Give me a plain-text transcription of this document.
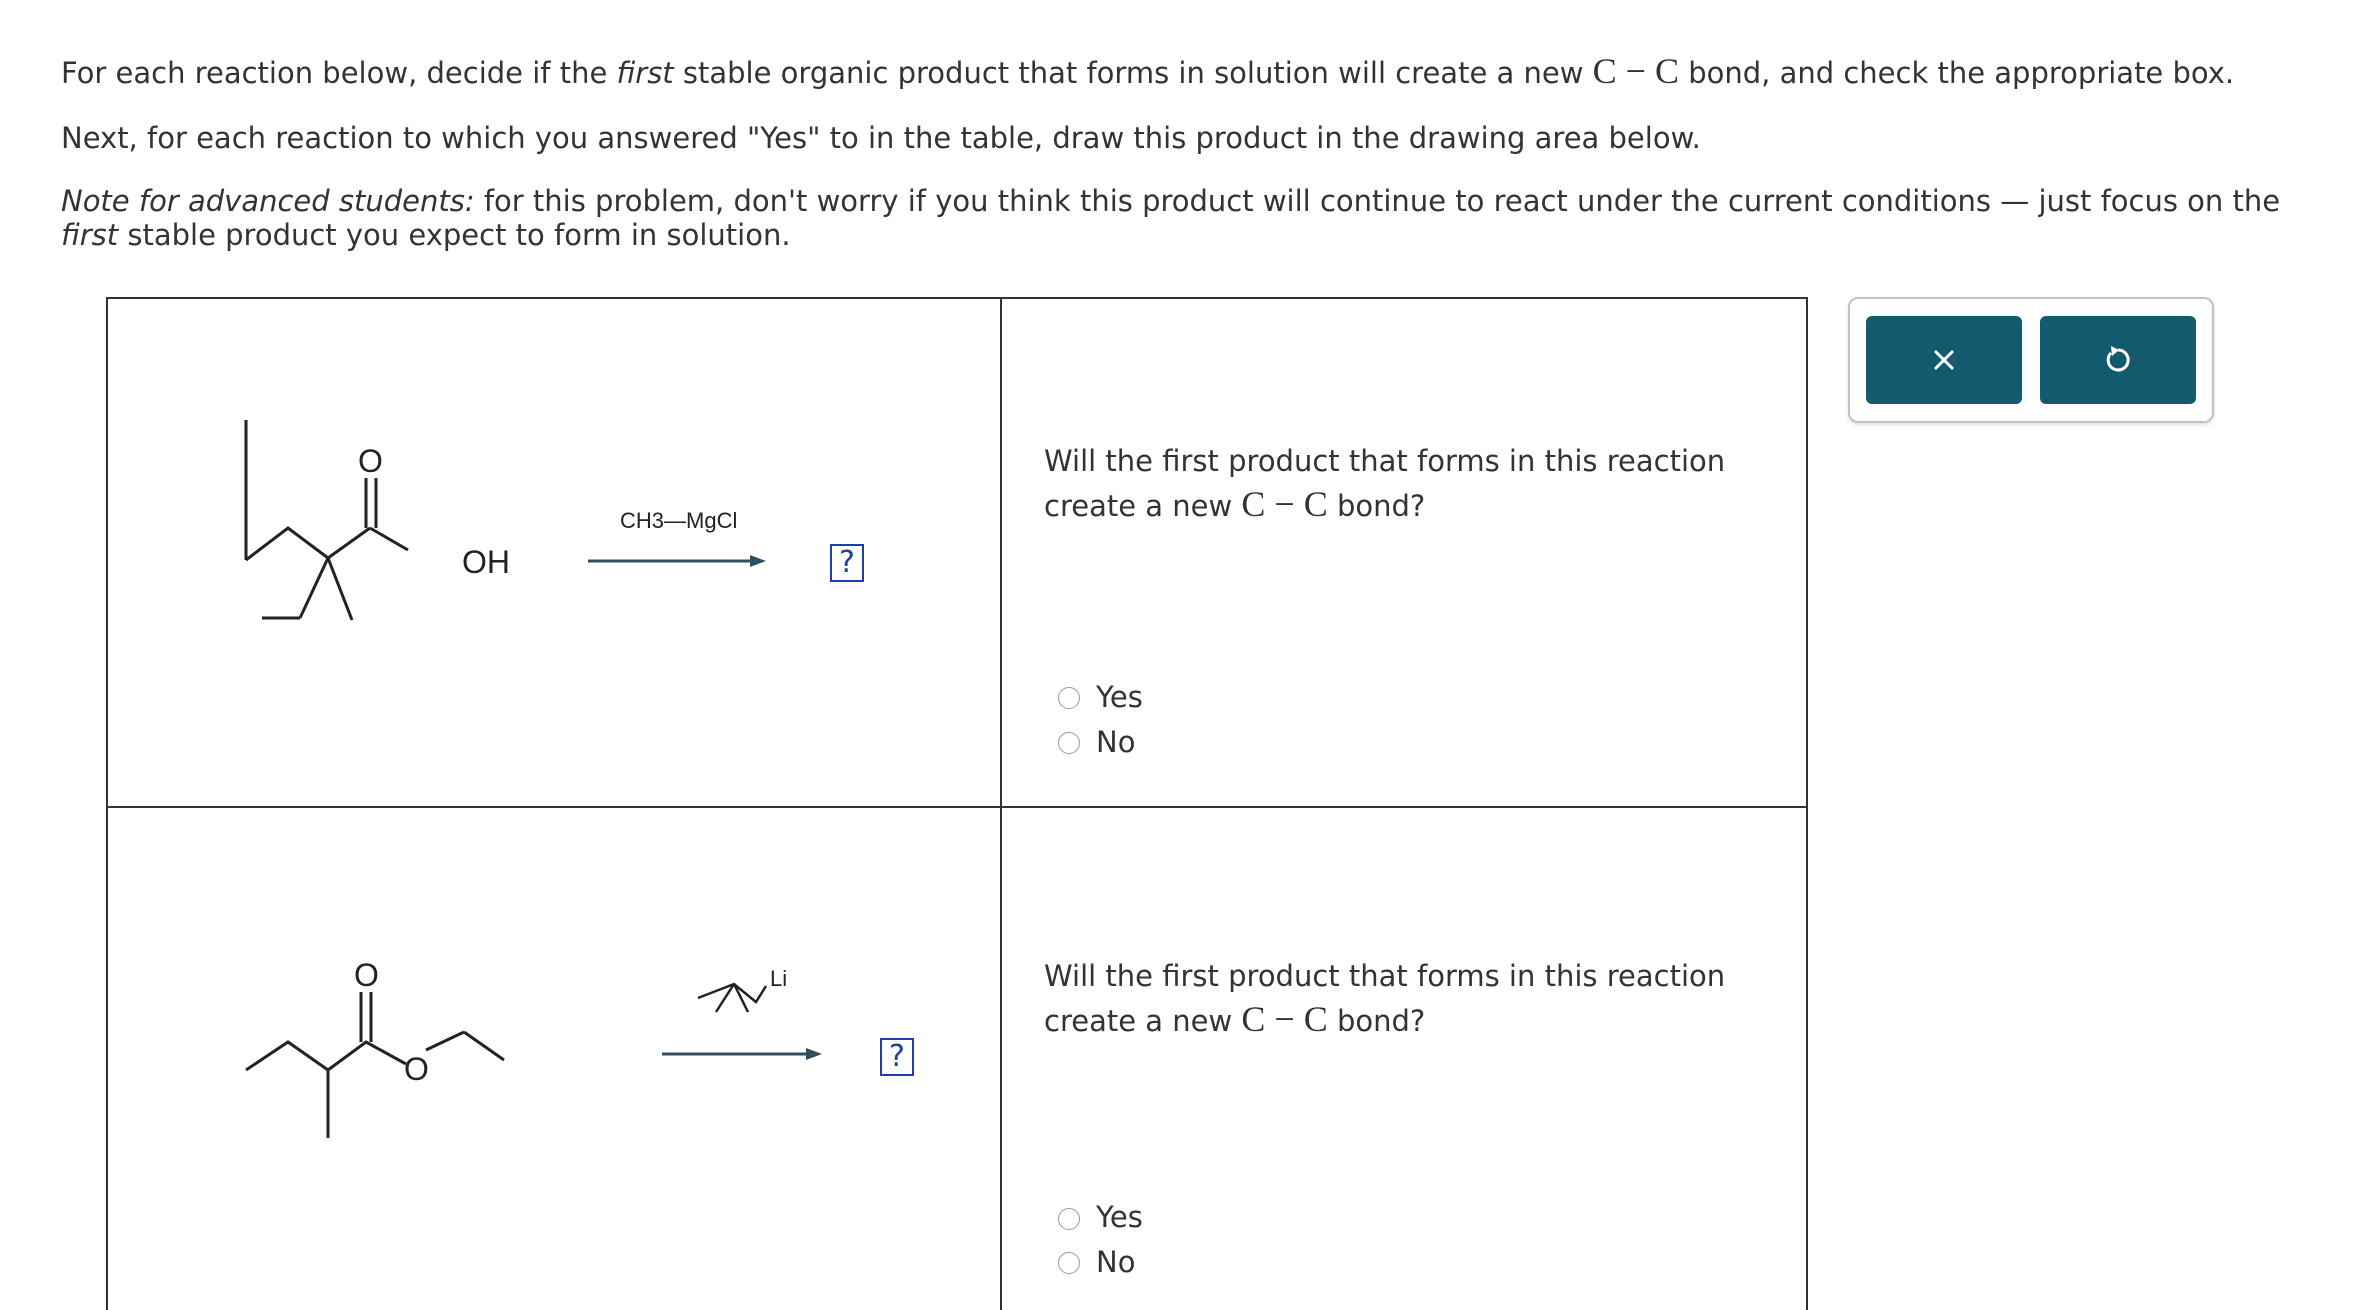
For each reaction below, decide if the first stable organic product that forms in solution will create a new C − C bond, and check the appropriate box.
Next, for each reaction to which you answered "Yes" to in the table, draw this product in the drawing area below.
Note for advanced students: for this problem, don't worry if you think this product will continue to react under the current conditions — just focus on the first stable product you expect to form in solution.
O
OH
CH3—MgCl
?
Will the first product that forms in this reaction
create a new C − C bond?
Yes
No
O
O
Li
?
Will the first product that forms in this reaction
create a new C − C bond?
Yes
No
